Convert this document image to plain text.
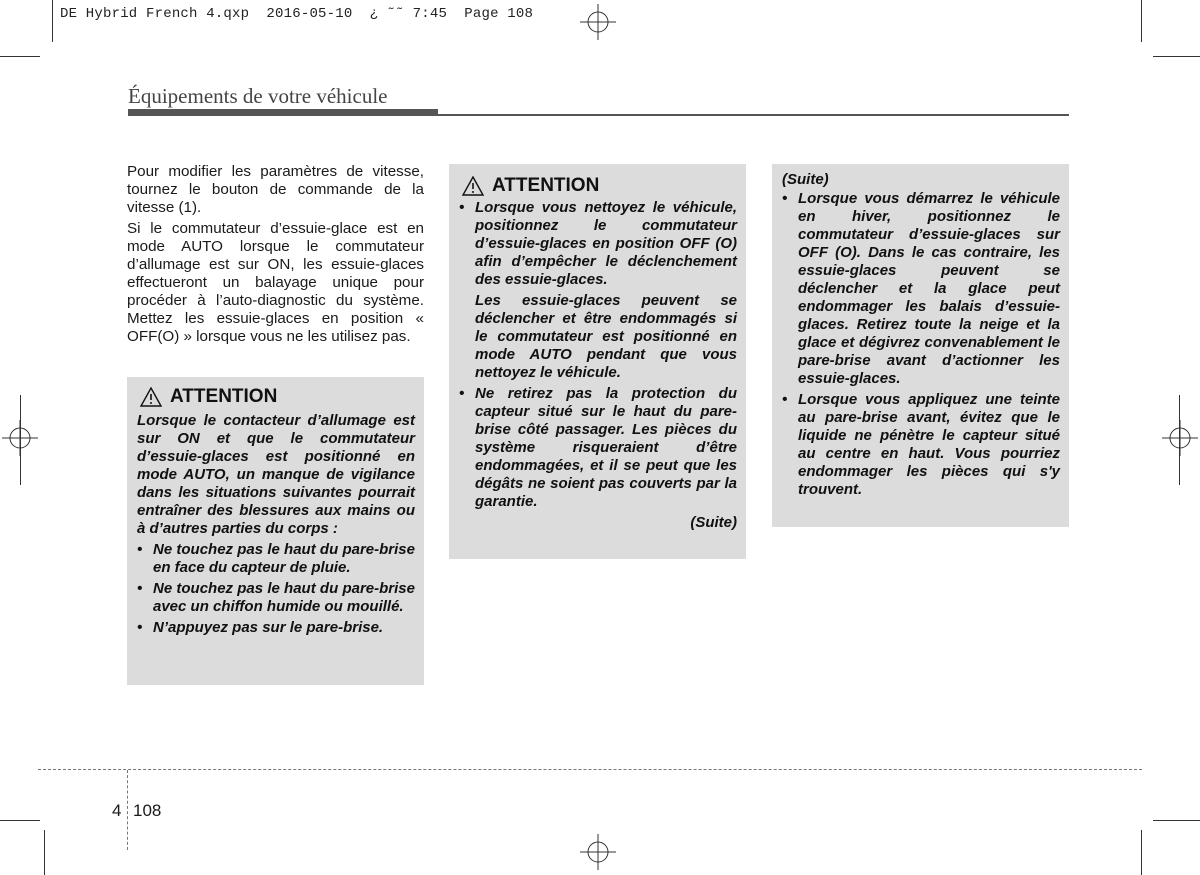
DE Hybrid French 4.qxp  2016-05-10  ¿ ˜˜ 7:45  Page 108
Équipements de votre véhicule

Pour modifier les paramètres de vitesse, tournez le bouton de commande de la vitesse (1).

Si le commutateur d’essuie-glace est en mode AUTO lorsque le commutateur d’allumage est sur ON, les essuie-glaces effectueront un balayage unique pour procéder à l’auto-diagnostic du système. Mettez les essuie-glaces en position « OFF(O) » lorsque vous ne les utilisez pas.

ATTENTION

Lorsque le contacteur d’allumage est sur ON et que le commutateur d’essuie-glaces est positionné en mode AUTO, un manque de vigilance dans les situations suivantes pourrait entraîner des blessures aux mains ou à d’autres parties du corps :

• Ne touchez pas le haut du pare-brise en face du capteur de pluie.
• Ne touchez pas le haut du pare-brise avec un chiffon humide ou mouillé.
• N’appuyez pas sur le pare-brise.
ATTENTION
• Lorsque vous nettoyez le véhicule, positionnez le commutateur d’essuie-glaces en position OFF (O) afin d’empêcher le déclenchement des essuie-glaces.

Les essuie-glaces peuvent se déclencher et être endommagés si le commutateur est positionné en mode AUTO pendant que vous nettoyez le véhicule.

• Ne retirez pas la protection du capteur situé sur le haut du pare-brise côté passager. Les pièces du système risqueraient d’être endommagées, et il se peut que les dégâts ne soient pas couverts par la garantie.
(Suite)

(Suite)

• Lorsque vous démarrez le véhicule en hiver, positionnez le commutateur d’essuie-glaces sur OFF (O). Dans le cas contraire, les essuie-glaces peuvent se déclencher et la glace peut endommager les balais d’essuie-glaces. Retirez toute la neige et la glace et dégivrez convenablement le pare-brise avant d’actionner les essuie-glaces.
• Lorsque vous appliquez une teinte au pare-brise avant, évitez que le liquide ne pénètre le capteur situé au centre en haut. Vous pourriez endommager les pièces qui s'y trouvent.
4 108
